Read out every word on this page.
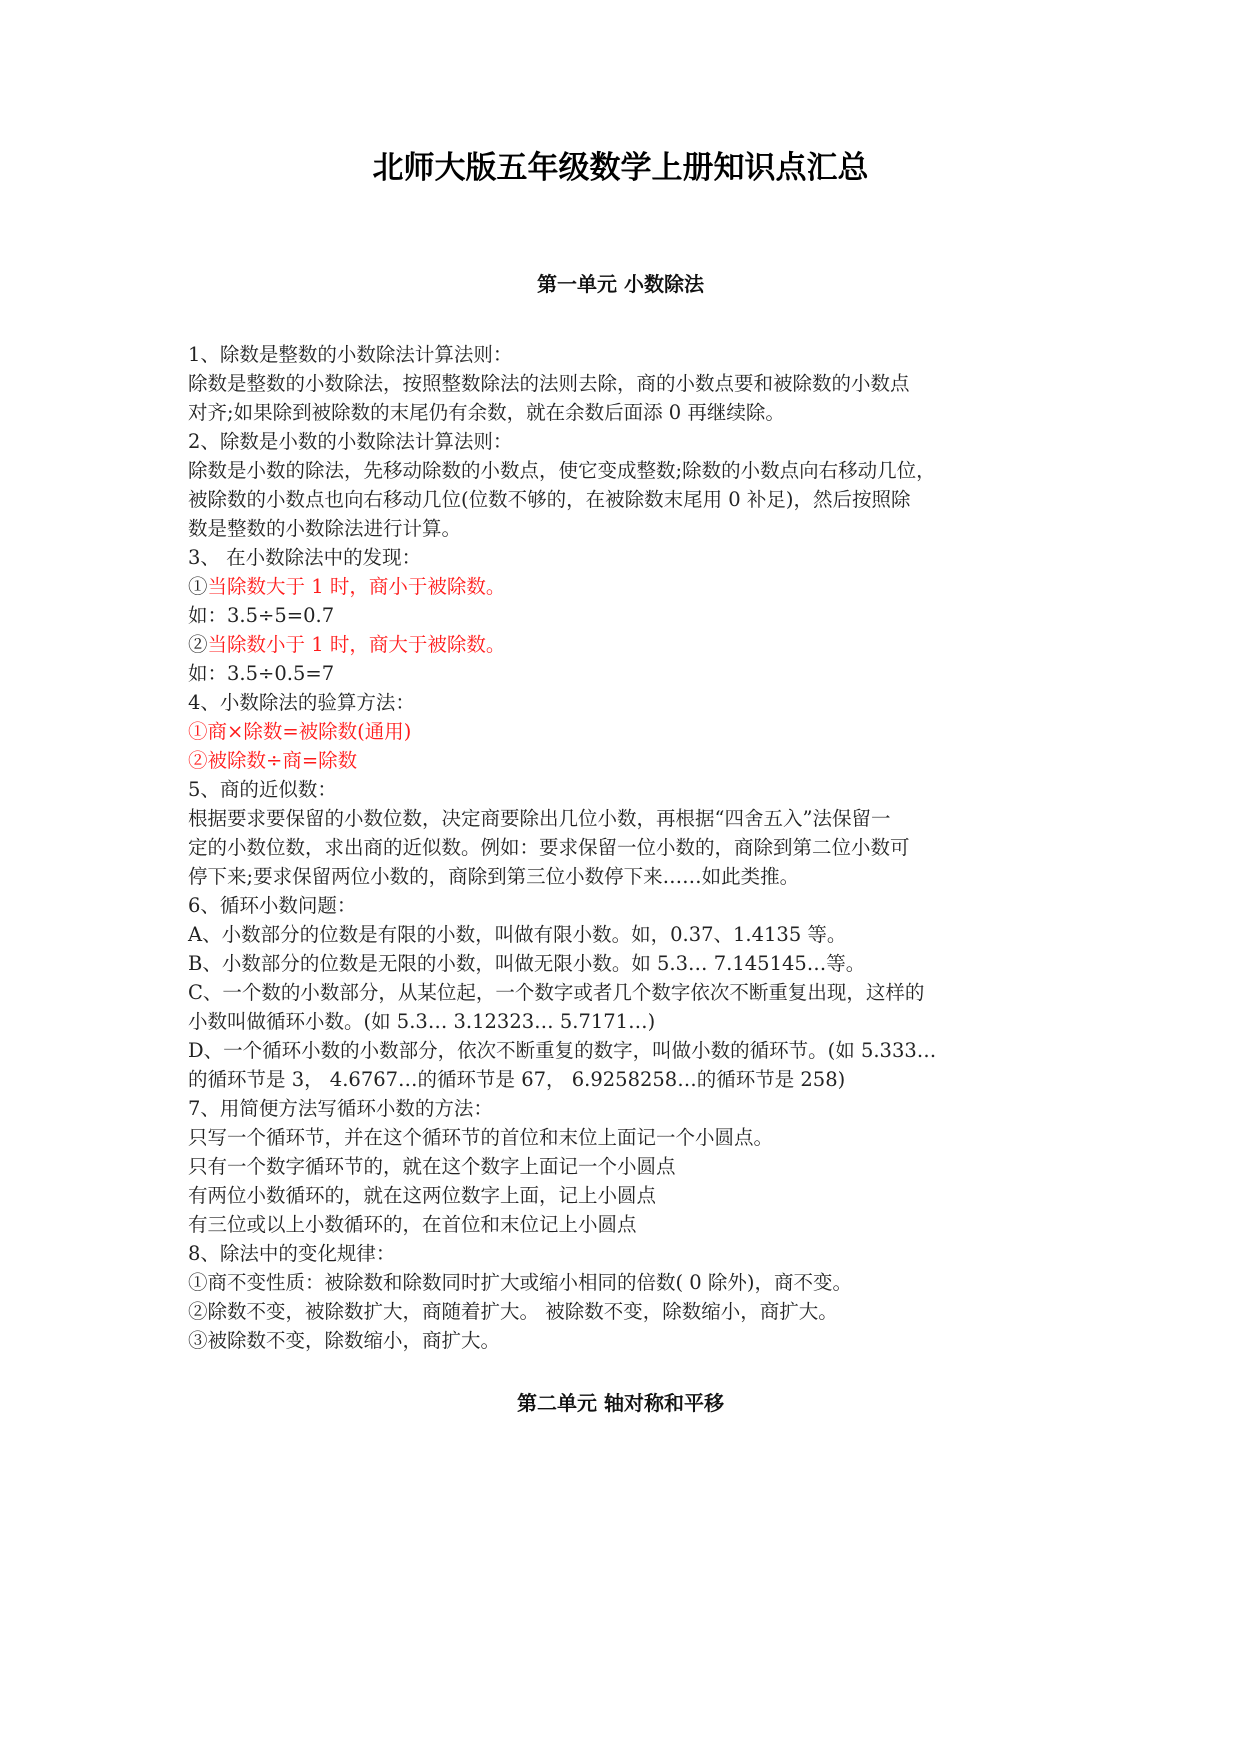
北师大版五年级数学上册知识点汇总
第一单元 小数除法
1、除数是整数的小数除法计算法则：
除数是整数的小数除法，按照整数除法的法则去除，商的小数点要和被除数的小数点
对齐;如果除到被除数的末尾仍有余数，就在余数后面添 0 再继续除。
2、除数是小数的小数除法计算法则：
除数是小数的除法，先移动除数的小数点，使它变成整数;除数的小数点向右移动几位，
被除数的小数点也向右移动几位(位数不够的，在被除数末尾用 0 补足)，然后按照除
数是整数的小数除法进行计算。
3、 在小数除法中的发现：
①当除数大于 1 时，商小于被除数。
如：3.5÷5=0.7
②当除数小于 1 时，商大于被除数。
如：3.5÷0.5=7
4、小数除法的验算方法：
①商×除数=被除数(通用)
②被除数÷商=除数
5、商的近似数：
根据要求要保留的小数位数，决定商要除出几位小数，再根据“四舍五入”法保留一
定的小数位数，求出商的近似数。例如：要求保留一位小数的，商除到第二位小数可
停下来;要求保留两位小数的，商除到第三位小数停下来……如此类推。
6、循环小数问题：
A、小数部分的位数是有限的小数，叫做有限小数。如，0.37、1.4135 等。
B、小数部分的位数是无限的小数，叫做无限小数。如 5.3… 7.145145…等。
C、一个数的小数部分，从某位起，一个数字或者几个数字依次不断重复出现，这样的
小数叫做循环小数。(如 5.3… 3.12323… 5.7171…)
D、一个循环小数的小数部分，依次不断重复的数字，叫做小数的循环节。(如 5.333…
的循环节是 3， 4.6767…的循环节是 67， 6.9258258…的循环节是 258)
7、用简便方法写循环小数的方法：
只写一个循环节，并在这个循环节的首位和末位上面记一个小圆点。
只有一个数字循环节的，就在这个数字上面记一个小圆点
有两位小数循环的，就在这两位数字上面，记上小圆点
有三位或以上小数循环的，在首位和末位记上小圆点
8、除法中的变化规律：
①商不变性质：被除数和除数同时扩大或缩小相同的倍数( 0 除外)，商不变。
②除数不变，被除数扩大，商随着扩大。 被除数不变，除数缩小，商扩大。
③被除数不变，除数缩小，商扩大。
第二单元 轴对称和平移
